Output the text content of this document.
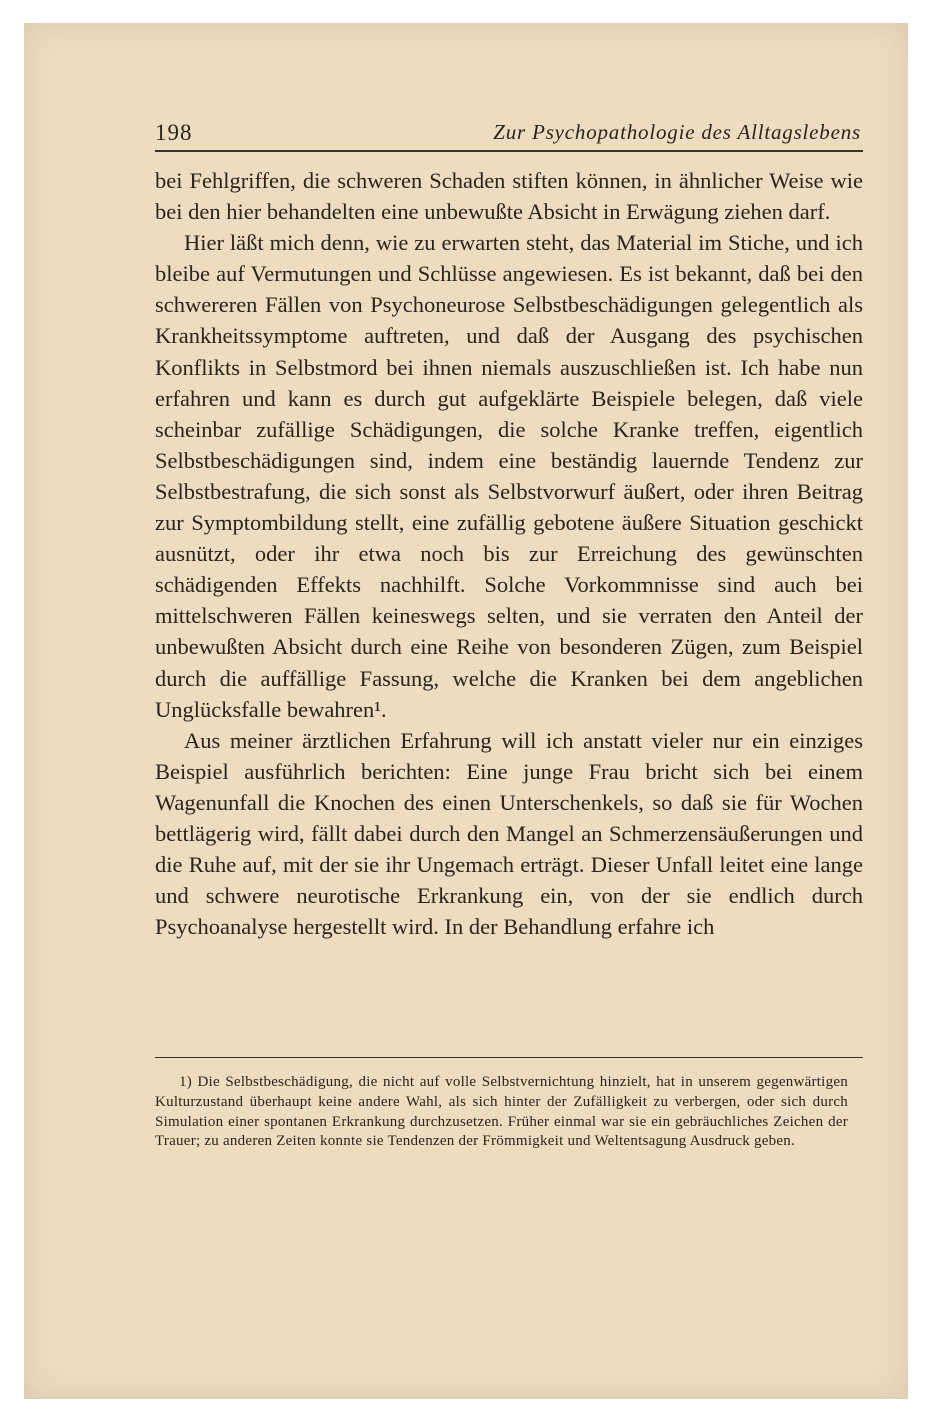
198	Zur Psychopathologie des Alltagslebens

bei Fehlgriffen, die schweren Schaden stiften können, in ähnlicher Weise wie bei den hier behandelten eine unbewußte Absicht in Erwägung ziehen darf.

Hier läßt mich denn, wie zu erwarten steht, das Material im Stiche, und ich bleibe auf Vermutungen und Schlüsse angewiesen. Es ist bekannt, daß bei den schwereren Fällen von Psychoneurose Selbstbeschädigungen gelegentlich als Krankheitssymptome auftreten, und daß der Ausgang des psychischen Konflikts in Selbstmord bei ihnen niemals auszuschließen ist. Ich habe nun erfahren und kann es durch gut aufgeklärte Beispiele belegen, daß viele scheinbar zufällige Schädigungen, die solche Kranke treffen, eigentlich Selbstbeschädigungen sind, indem eine beständig lauernde Tendenz zur Selbstbestrafung, die sich sonst als Selbstvorwurf äußert, oder ihren Beitrag zur Symptombildung stellt, eine zufällig gebotene äußere Situation geschickt ausnützt, oder ihr etwa noch bis zur Erreichung des gewünschten schädigenden Effekts nachhilft. Solche Vorkommnisse sind auch bei mittelschweren Fällen keineswegs selten, und sie verraten den Anteil der unbewußten Absicht durch eine Reihe von besonderen Zügen, zum Beispiel durch die auffällige Fassung, welche die Kranken bei dem angeblichen Unglücksfalle bewahren¹.

Aus meiner ärztlichen Erfahrung will ich anstatt vieler nur ein einziges Beispiel ausführlich berichten: Eine junge Frau bricht sich bei einem Wagenunfall die Knochen des einen Unterschenkels, so daß sie für Wochen bettlägerig wird, fällt dabei durch den Mangel an Schmerzensäußerungen und die Ruhe auf, mit der sie ihr Ungemach erträgt. Dieser Unfall leitet eine lange und schwere neurotische Erkrankung ein, von der sie endlich durch Psychoanalyse hergestellt wird. In der Behandlung erfahre ich

1) Die Selbstbeschädigung, die nicht auf volle Selbstvernichtung hinzielt, hat in unserem gegenwärtigen Kulturzustand überhaupt keine andere Wahl, als sich hinter der Zufälligkeit zu verbergen, oder sich durch Simulation einer spontanen Erkrankung durchzusetzen. Früher einmal war sie ein gebräuchliches Zeichen der Trauer; zu anderen Zeiten konnte sie Tendenzen der Frömmigkeit und Weltentsagung Ausdruck geben.
